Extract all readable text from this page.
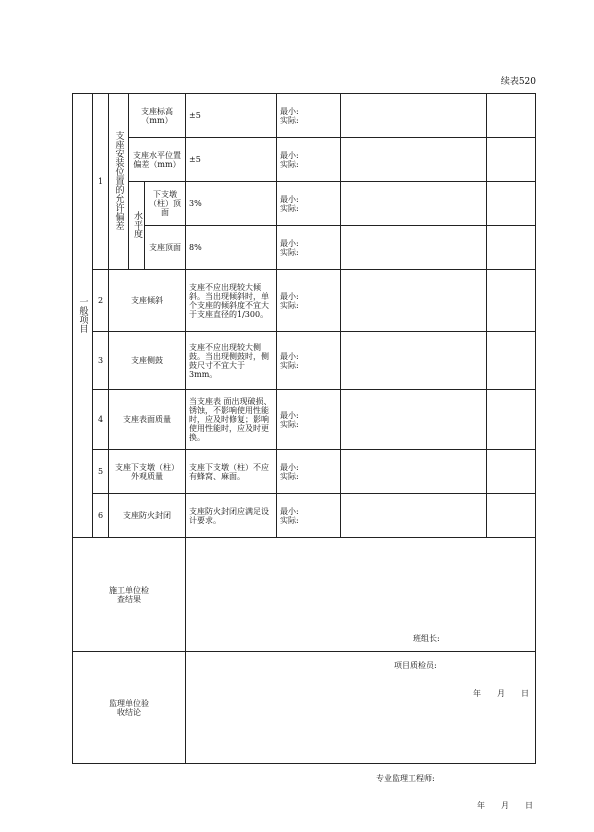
续表520
一般项目	1	支座安装位置的允许偏差	支座标高（mm）		±5	最小:
实际:		

			支座水平位置偏差（mm）		±5	最小:
实际:		

			水平度	下支墩（柱）顶面	3%	最小:
实际:		

				支座顶面	8%	最小:
实际:		

	2	支座倾斜			支座不应出现较大倾斜。当出现倾斜时，单个支座的倾斜度不宜大于支座直径的1/300。	最小:
实际:		

	3	支座侧鼓			支座不应出现较大侧鼓。当出现侧鼓时，侧鼓尺寸不宜大于3mm。	最小:
实际:		

	4	支座表面质量			当支座表 面出现破损、锈蚀，不影响使用性能时，应及时修复；影响使用性能时，应及时更换。	最小:
实际:		

	5	支座下支墩（柱）外观质量			支座下支墩（柱）不应有蜂窝、麻面。	最小:
实际:		

	6	支座防火封闭			支座防火封闭应满足设计要求。	最小:
实际:		

施工单位检查结果					班组长:
项目质检员:
年　　月　　日			

监理单位验收结论					专业监理工程师:
年　　月　　日			
